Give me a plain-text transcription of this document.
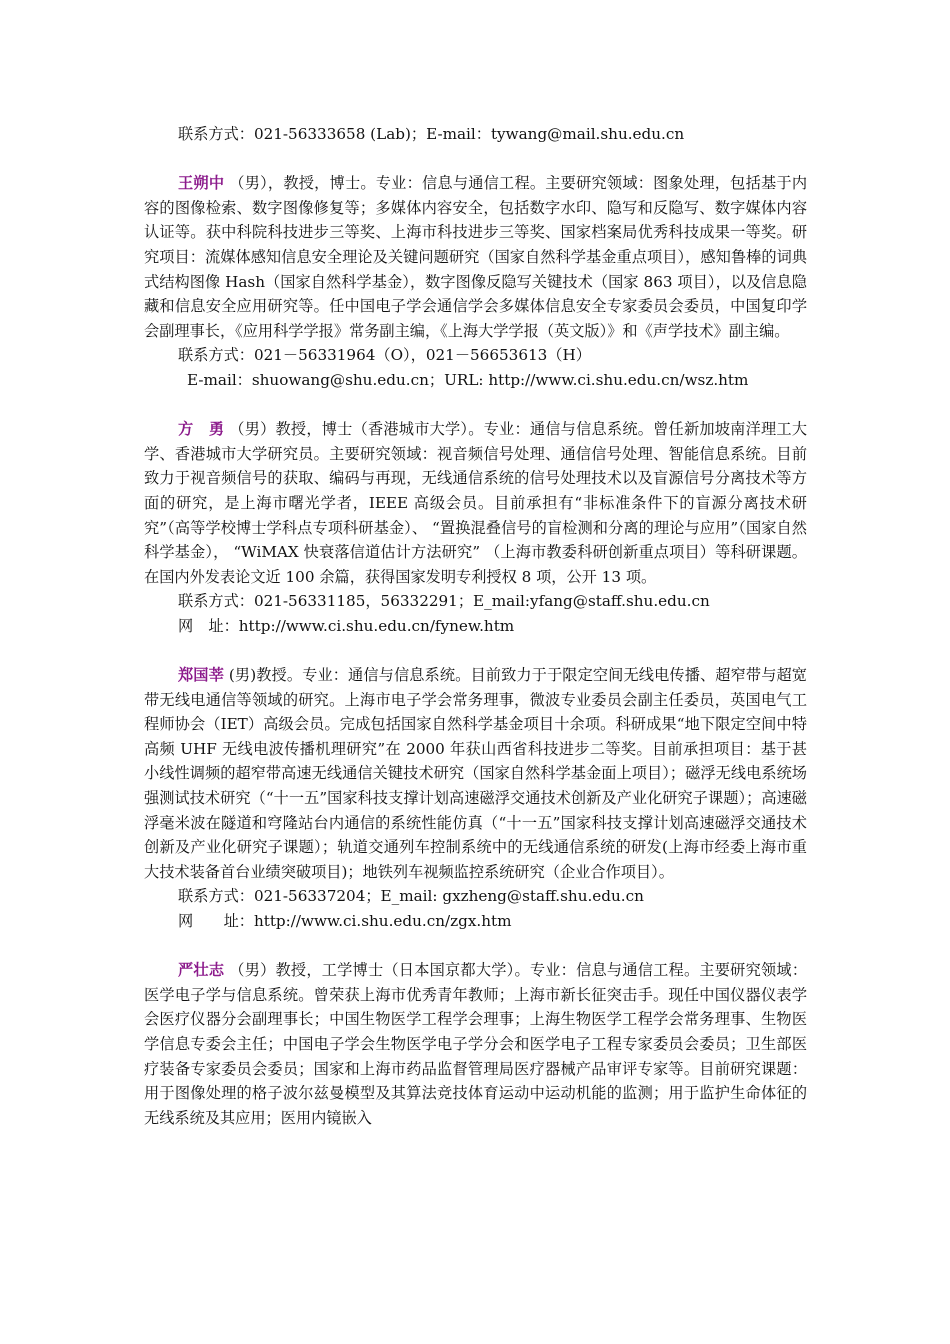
联系方式：021-56333658 (Lab)；E-mail：tywang@mail.shu.edu.cn

王朔中 （男），教授，博士。专业：信息与通信工程。主要研究领域：图象处理，包括基于内容的图像检索、数字图像修复等；多媒体内容安全，包括数字水印、隐写和反隐写、数字媒体内容认证等。获中科院科技进步三等奖、上海市科技进步三等奖、国家档案局优秀科技成果一等奖。研究项目：流媒体感知信息安全理论及关键问题研究（国家自然科学基金重点项目），感知鲁棒的词典式结构图像 Hash（国家自然科学基金），数字图像反隐写关键技术（国家 863 项目），以及信息隐藏和信息安全应用研究等。任中国电子学会通信学会多媒体信息安全专家委员会委员，中国复印学会副理事长，《应用科学学报》常务副主编，《上海大学学报（英文版）》和《声学技术》副主编。

联系方式：021－56331964（O），021－56653613（H）

E-mail：shuowang@shu.edu.cn；URL: http://www.ci.shu.edu.cn/wsz.htm

方　勇 （男）教授，博士（香港城市大学）。专业：通信与信息系统。曾任新加坡南洋理工大学、香港城市大学研究员。主要研究领域：视音频信号处理、通信信号处理、智能信息系统。目前致力于视音频信号的获取、编码与再现，无线通信系统的信号处理技术以及盲源信号分离技术等方面的研究，是上海市曙光学者，IEEE 高级会员。目前承担有“非标准条件下的盲源分离技术研究”（高等学校博士学科点专项科研基金）、 “置换混叠信号的盲检测和分离的理论与应用”（国家自然科学基金）， “WiMAX 快衰落信道估计方法研究” （上海市教委科研创新重点项目）等科研课题。在国内外发表论文近 100 余篇，获得国家发明专利授权 8 项，公开 13 项。

联系方式：021-56331185，56332291；E_mail:yfang@staff.shu.edu.cn

网　址：http://www.ci.shu.edu.cn/fynew.htm

郑国莘 (男)教授。专业：通信与信息系统。目前致力于于限定空间无线电传播、超窄带与超宽带无线电通信等领域的研究。上海市电子学会常务理事，微波专业委员会副主任委员，英国电气工程师协会（IET）高级会员。完成包括国家自然科学基金项目十余项。科研成果“地下限定空间中特高频 UHF 无线电波传播机理研究”在 2000 年获山西省科技进步二等奖。目前承担项目：基于甚小线性调频的超窄带高速无线通信关键技术研究（国家自然科学基金面上项目）；磁浮无线电系统场强测试技术研究（“十一五”国家科技支撑计划高速磁浮交通技术创新及产业化研究子课题）；高速磁浮毫米波在隧道和穹隆站台内通信的系统性能仿真（“十一五”国家科技支撑计划高速磁浮交通技术创新及产业化研究子课题）；轨道交通列车控制系统中的无线通信系统的研发(上海市经委上海市重大技术装备首台业绩突破项目)；地铁列车视频监控系统研究（企业合作项目）。

联系方式：021-56337204；E_mail: gxzheng@staff.shu.edu.cn

网　　址：http://www.ci.shu.edu.cn/zgx.htm

严壮志 （男）教授，工学博士（日本国京都大学）。专业：信息与通信工程。主要研究领域：医学电子学与信息系统。曾荣获上海市优秀青年教师；上海市新长征突击手。现任中国仪器仪表学会医疗仪器分会副理事长；中国生物医学工程学会理事；上海生物医学工程学会常务理事、生物医学信息专委会主任；中国电子学会生物医学电子学分会和医学电子工程专家委员会委员；卫生部医疗装备专家委员会委员；国家和上海市药品监督管理局医疗器械产品审评专家等。目前研究课题：用于图像处理的格子波尔兹曼模型及其算法竞技体育运动中运动机能的监测；用于监护生命体征的无线系统及其应用；医用内镜嵌入
